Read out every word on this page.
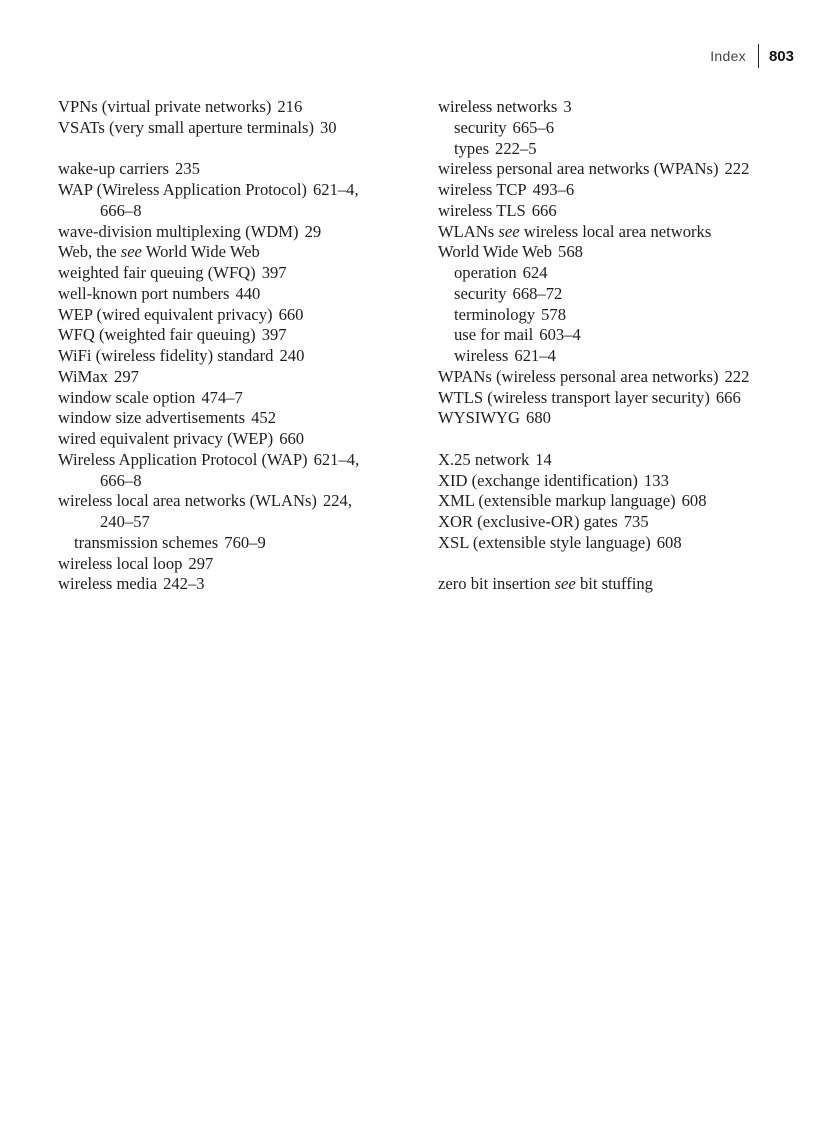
Index 803
VPNs (virtual private networks) 216
VSATs (very small aperture terminals) 30
wake-up carriers 235
WAP (Wireless Application Protocol) 621–4,
666–8
wave-division multiplexing (WDM) 29
Web, the see World Wide Web
weighted fair queuing (WFQ) 397
well-known port numbers 440
WEP (wired equivalent privacy) 660
WFQ (weighted fair queuing) 397
WiFi (wireless fidelity) standard 240
WiMax 297
window scale option 474–7
window size advertisements 452
wired equivalent privacy (WEP) 660
Wireless Application Protocol (WAP) 621–4,
666–8
wireless local area networks (WLANs) 224,
240–57
transmission schemes 760–9
wireless local loop 297
wireless media 242–3
wireless networks 3
security 665–6
types 222–5
wireless personal area networks (WPANs) 222
wireless TCP 493–6
wireless TLS 666
WLANs see wireless local area networks
World Wide Web 568
operation 624
security 668–72
terminology 578
use for mail 603–4
wireless 621–4
WPANs (wireless personal area networks) 222
WTLS (wireless transport layer security) 666
WYSIWYG 680
X.25 network 14
XID (exchange identification) 133
XML (extensible markup language) 608
XOR (exclusive-OR) gates 735
XSL (extensible style language) 608
zero bit insertion see bit stuffing
